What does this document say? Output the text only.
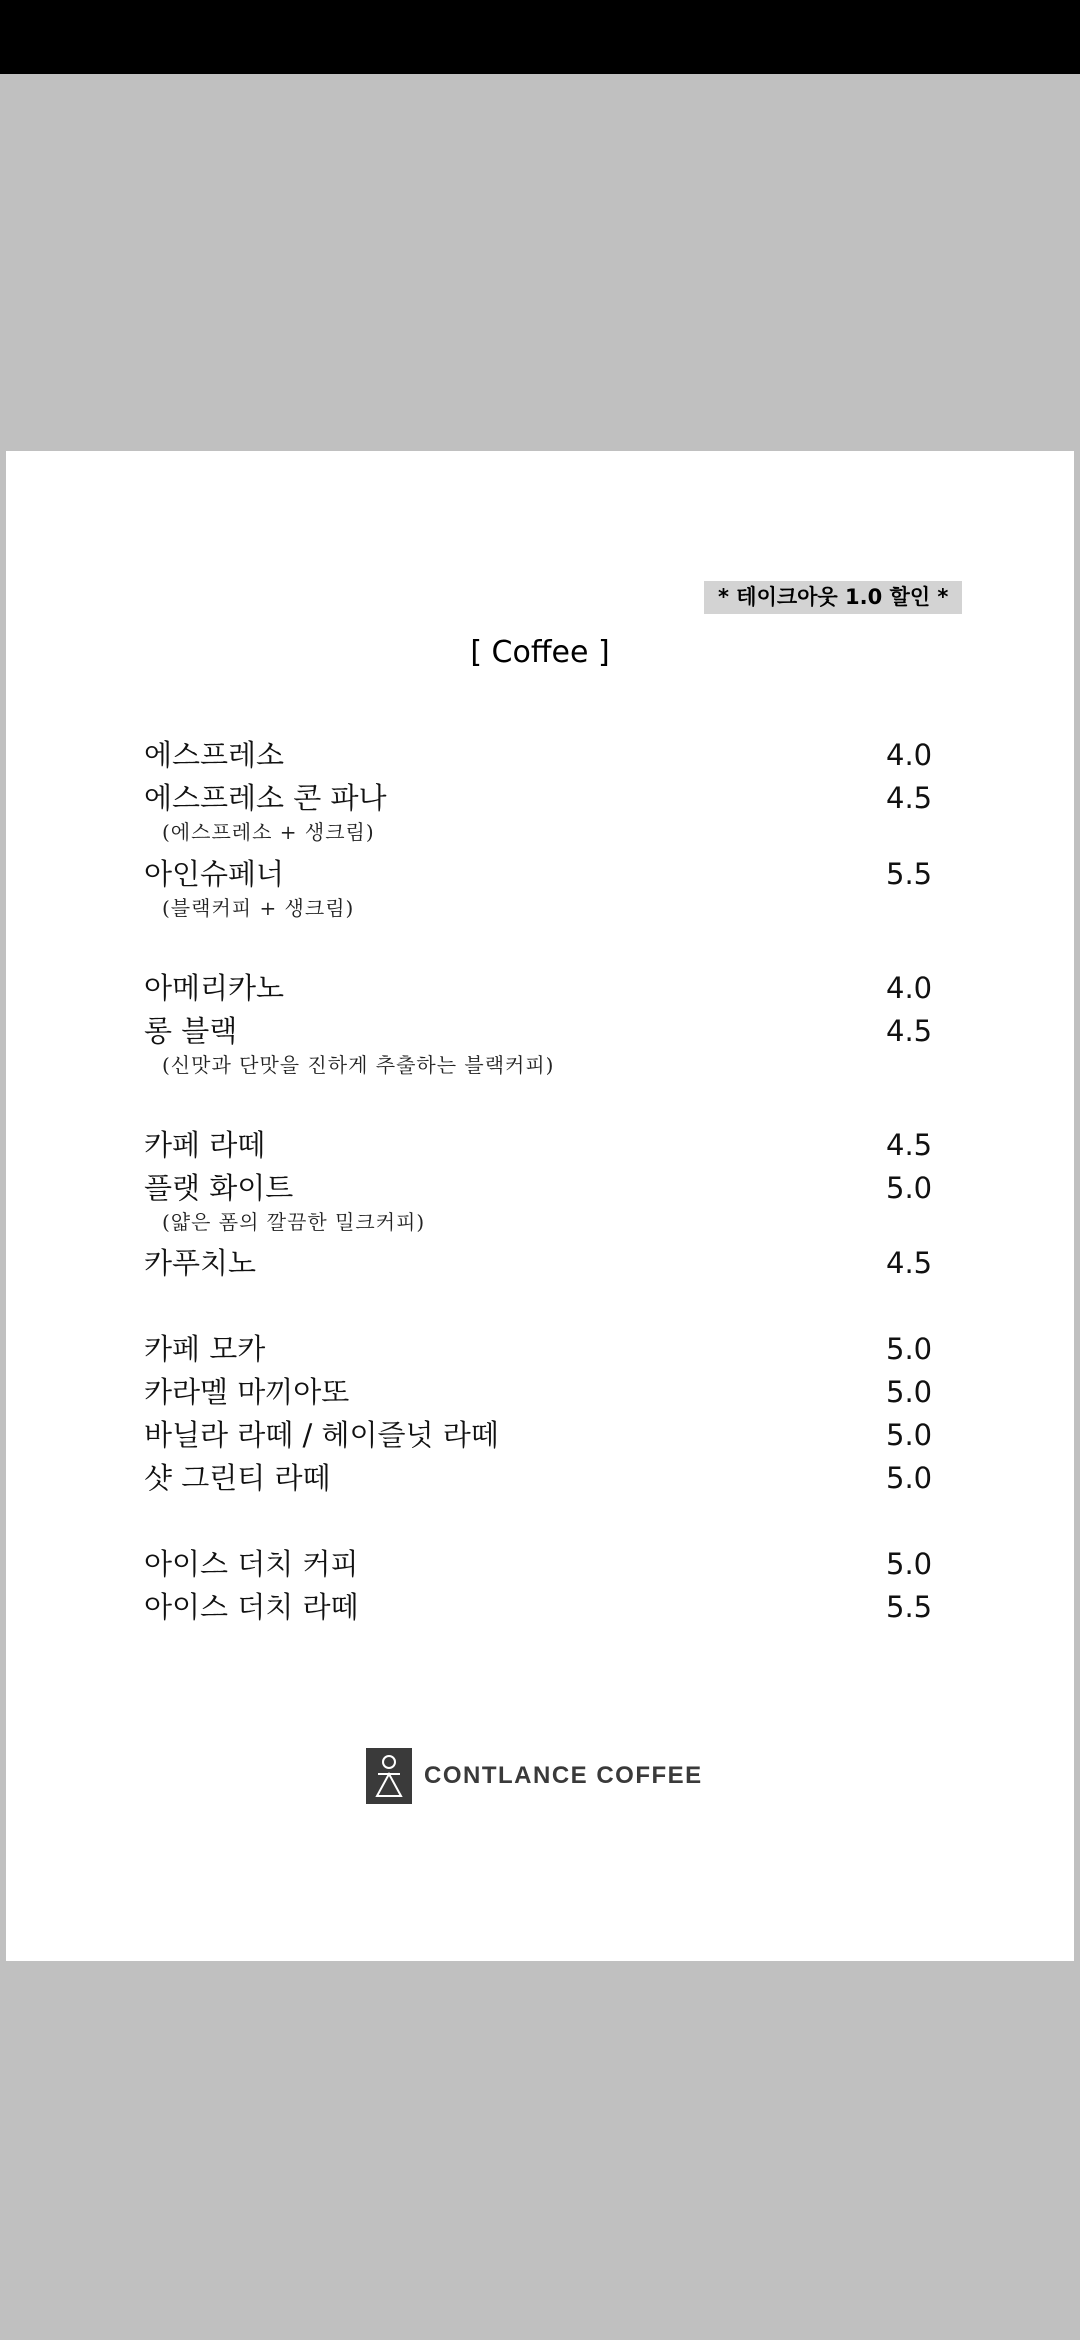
* 테이크아웃 1.0 할인 *
[ Coffee ]
에스프레소	4.0
에스프레소 콘 파나	4.5
(에스프레소 + 생크림)
아인슈페너	5.5
(블랙커피 + 생크림)
아메리카노	4.0
롱 블랙	4.5
(신맛과 단맛을 진하게 추출하는 블랙커피)
카페 라떼	4.5
플랫 화이트	5.0
(얇은 폼의 깔끔한 밀크커피)
카푸치노	4.5
카페 모카	5.0
카라멜 마끼아또	5.0
바닐라 라떼 / 헤이즐넛 라떼	5.0
샷 그린티 라떼	5.0
아이스 더치 커피	5.0
아이스 더치 라떼	5.5
CONTLANCE COFFEE
